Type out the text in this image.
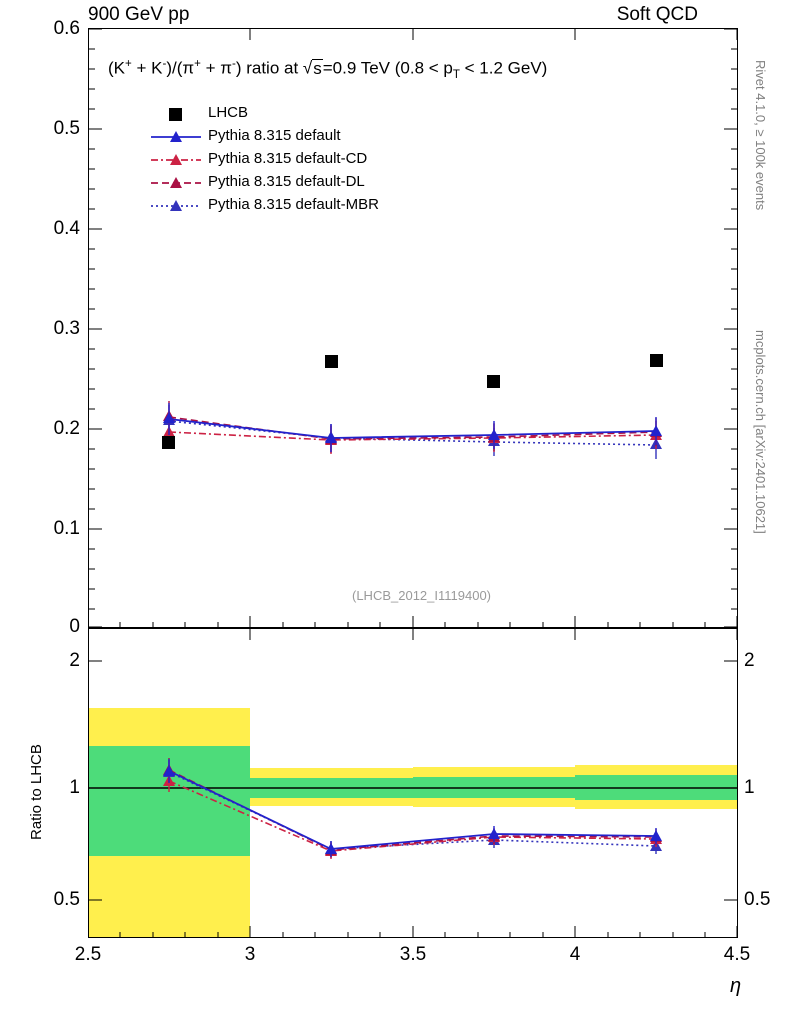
900 GeV pp	Soft QCD
Rivet 4.1.0, ≥ 100k events
mcplots.cern.ch [arXiv:2401.10621]
0.6
0.5
0.4
0.3
0.2
0.1
0
(K+ + K-)/(π+ + π-) ratio at √s=0.9 TeV ($0.8 < p_T < 1.2$ GeV)
(LHCB_2012_I1119400)
LHCB
Pythia 8.315 default
Pythia 8.315 default-CD
Pythia 8.315 default-DL
Pythia 8.315 default-MBR
2
1
0.5
2
1
0.5
Ratio to LHCB
2.5	3	3.5	4	4.5
η
